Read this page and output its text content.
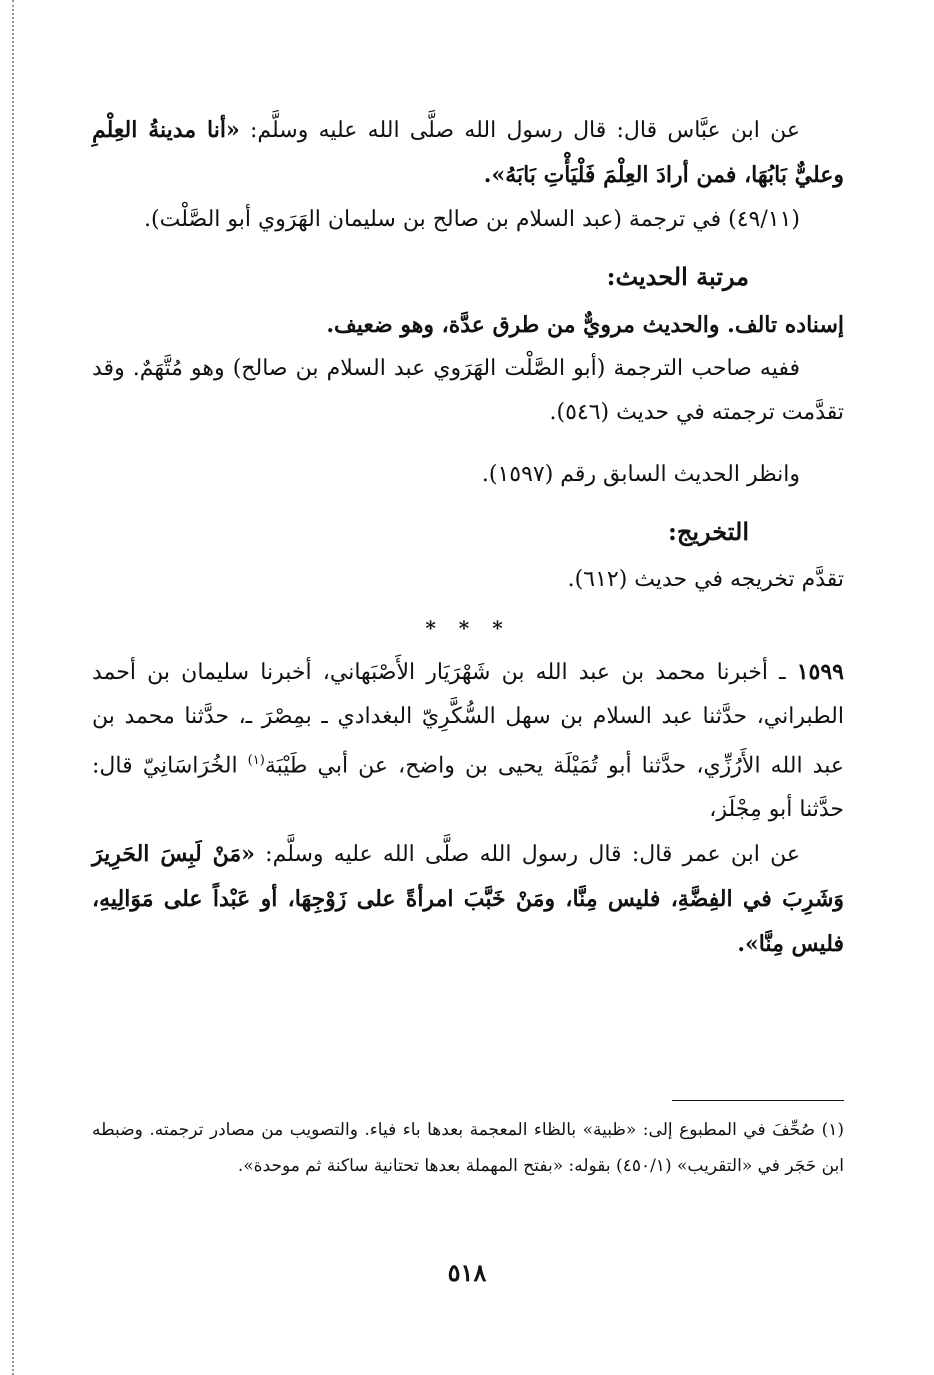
عن ابن عبَّاس قال: قال رسول الله صلَّى الله عليه وسلَّم: «أنا مدينةُ العِلْمِ وعليٌّ بَابُهَا، فمن أرادَ العِلْمَ فَلْيَأْتِ بَابَهُ».

(٤٩/١١) في ترجمة (عبد السلام بن صالح بن سليمان الهَرَوي أبو الصَّلْت).

مرتبة الحديث:

إسناده تالف. والحديث مرويٌّ من طرق عدَّة، وهو ضعيف.

ففيه صاحب الترجمة (أبو الصَّلْت الهَرَوي عبد السلام بن صالح) وهو مُتَّهَمٌ. وقد تقدَّمت ترجمته في حديث (٥٤٦).

وانظر الحديث السابق رقم (١٥٩٧).

التخريج:

تقدَّم تخريجه في حديث (٦١٢).

* * *

١٥٩٩ ـ أخبرنا محمد بن عبد الله بن شَهْرَيَار الأَصْبَهاني، أخبرنا سليمان بن أحمد الطبراني، حدَّثنا عبد السلام بن سهل السُّكَّرِيّ البغدادي ـ بمِصْرَ ـ، حدَّثنا محمد بن عبد الله الأَرُزِّي، حدَّثنا أبو تُمَيْلَة يحيى بن واضح، عن أبي طَيْبَة$^{(١)}$ الخُرَاسَانِيّ قال: حدَّثنا أبو مِجْلَز،

عن ابن عمر قال: قال رسول الله صلَّى الله عليه وسلَّم: «مَنْ لَبِسَ الحَرِيرَ وَشَرِبَ في الفِضَّةِ، فليس مِنَّا، ومَنْ خَبَّبَ امرأةً على زَوْجِهَا، أو عَبْداً على مَوَالِيهِ، فليس مِنَّا».

(١) صُحِّفَ في المطبوع إلى: «ظبية» بالظاء المعجمة بعدها باء فياء. والتصويب من مصادر ترجمته. وضبطه ابن حَجَر في «التقريب» (٤٥٠/١) بقوله: «بفتح المهملة بعدها تحتانية ساكنة ثم موحدة».
٥١٨
